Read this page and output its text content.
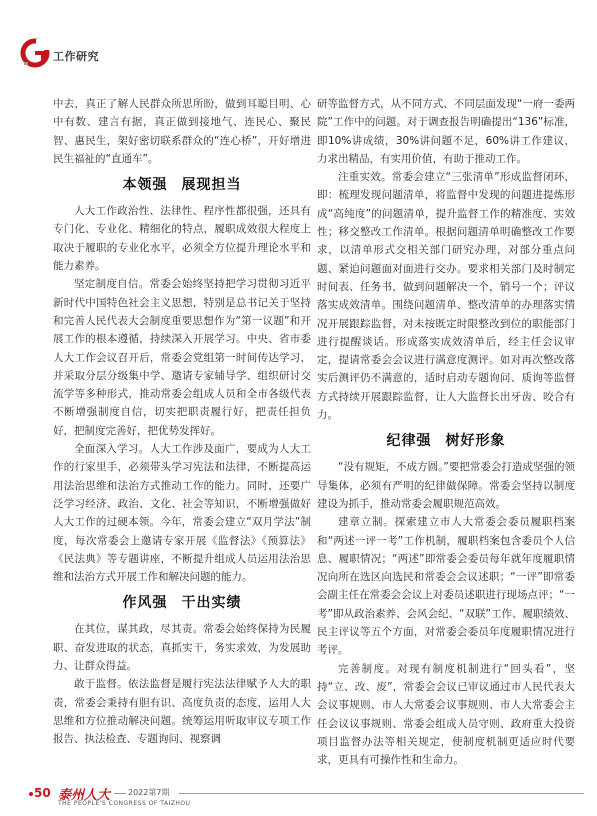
工作研究

中去，真正了解人民群众所思所盼，做到耳聪目明、心中有数、建言有据，真正做到接地气、连民心、聚民智、惠民生，架好密切联系群众的“连心桥”，开好增进民生福祉的“直通车”。

本领强 展现担当

人大工作政治性、法律性、程序性都很强，还具有专门化、专业化、精细化的特点，履职成效很大程度上取决于履职的专业化水平，必须全方位提升理论水平和能力素养。

坚定制度自信。常委会始终坚持把学习贯彻习近平新时代中国特色社会主义思想，特别是总书记关于坚持和完善人民代表大会制度重要思想作为“第一议题”和开展工作的根本遵循，持续深入开展学习。中央、省市委人大工作会议召开后，常委会党组第一时间传达学习，并采取分层分级集中学、邀请专家辅导学、组织研讨交流学等多种形式，推动常委会组成人员和全市各级代表不断增强制度自信，切实把职责履行好，把责任担负好，把制度完善好，把优势发挥好。

全面深入学习。人大工作涉及面广，要成为人大工作的行家里手，必须带头学习宪法和法律，不断提高运用法治思维和法治方式推动工作的能力。同时，还要广泛学习经济、政治、文化、社会等知识，不断增强做好人大工作的过硬本领。今年，常委会建立“双月学法”制度，每次常委会上邀请专家开展《监督法》《预算法》《民法典》等专题讲座，不断提升组成人员运用法治思维和法治方式开展工作和解决问题的能力。

作风强 干出实绩

在其位，谋其政，尽其责。常委会始终保持为民履职、奋发进取的状态，真抓实干，务实求效，为发展助力、让群众得益。

敢于监督。依法监督是履行宪法法律赋予人大的职责，常委会秉持有胆有识、高度负责的态度，运用人大思维和方位推动解决问题。统筹运用听取审议专项工作报告、执法检查、专题询问、视察调

研等监督方式，从不同方式、不同层面发现“一府一委两院”工作中的问题。对于调查报告明确提出“136”标准，即10%讲成绩，30%讲问题不足，60%讲工作建议，力求出精品，有实用价值，有助于推动工作。

注重实效。常委会建立“三张清单”形成监督闭环，即：梳理发现问题清单，将监督中发现的问题进提炼形成“高纯度”的问题清单，提升监督工作的精准度、实效性；移交整改工作清单。根据问题清单明确整改工作要求，以清单形式交相关部门研究办理，对部分重点问题、紧迫问题面对面进行交办。要求相关部门及时制定时间表、任务书，做到问题解决一个，销号一个；评议落实成效清单。围绕问题清单、整改清单的办理落实情况开展跟踪监督，对未按既定时限整改到位的职能部门进行提醒谈话。形成落实成效清单后，经主任会议审定，提请常委会会议进行满意度测评。如对再次整改落实后测评仍不满意的，适时启动专题询问、质询等监督方式持续开展跟踪监督，让人大监督长出牙齿、咬合有力。

纪律强 树好形象

“没有规矩，不成方圆。”要把常委会打造成坚强的领导集体，必须有严明的纪律做保障。常委会坚持以制度建设为抓手，推动常委会履职规范高效。

建章立制。探索建立市人大常委会委员履职档案和“两述一评一考”工作机制，履职档案包含委员个人信息、履职情况；“两述”即常委会委员每年就年度履职情况向所在选区向选民和常委会会议述职；“一评”即常委会副主任在常委会会议上对委员述职进行现场点评；“一考”即从政治素养、会风会纪、“双联”工作、履职绩效、民主评议等五个方面，对常委会委员年度履职情况进行考评。

完善制度。对现有制度机制进行“回头看”，坚持“立、改、废”，常委会会议已审议通过市人民代表大会议事规则、市人大常委会议事规则、市人大常委会主任会议议事规则、常委会组成人员守则、政府重大投资项目监督办法等相关规定，使制度机制更适应时代要求，更具有可操作性和生命力。

50 泰州人大 2022第7期
THE PEOPLE'S CONGRESS OF TAIZHOU
